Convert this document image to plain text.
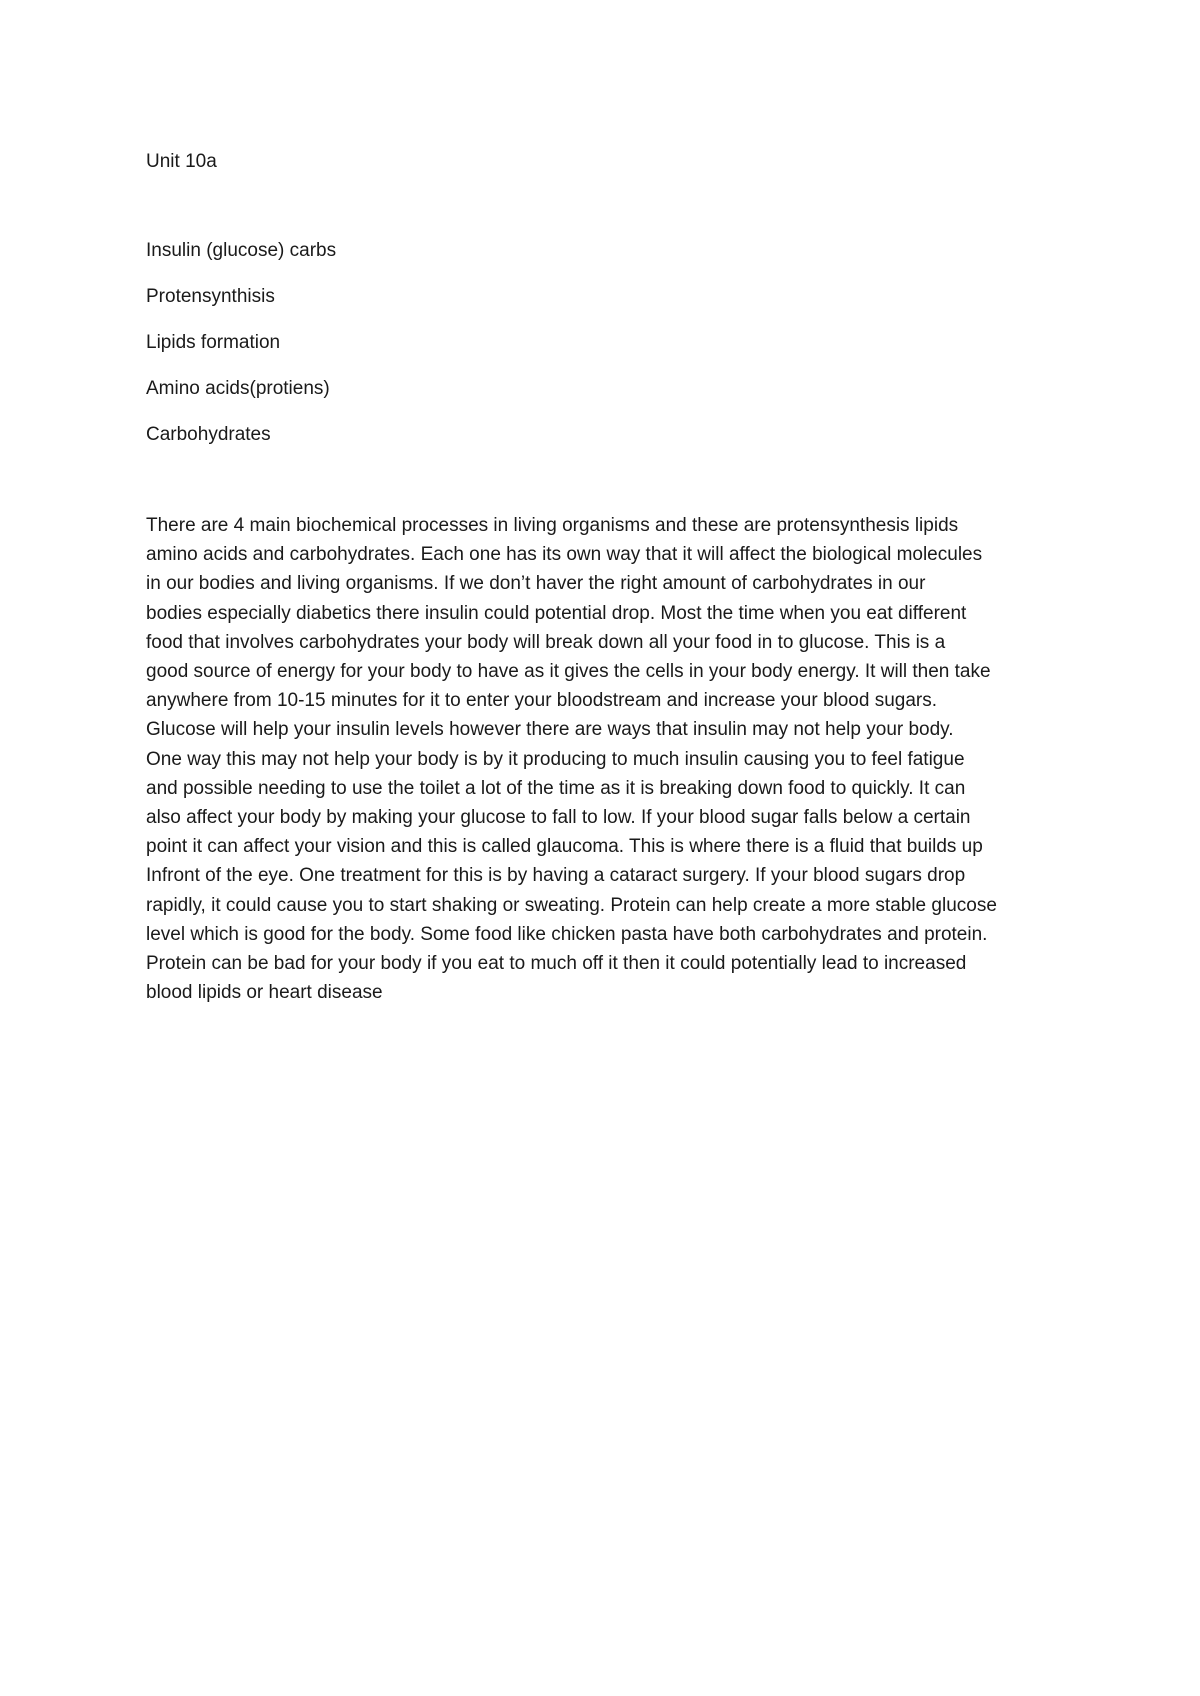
Unit 10a
Insulin (glucose) carbs
Protensynthisis
Lipids formation
Amino acids(protiens)
Carbohydrates

There are 4 main biochemical processes in living organisms and these are protensynthesis lipids
amino acids and carbohydrates. Each one has its own way that it will affect the biological molecules
in our bodies and living organisms. If we don’t haver the right amount of carbohydrates in our
bodies especially diabetics there insulin could potential drop. Most the time when you eat different
food that involves carbohydrates your body will break down all your food in to glucose. This is a
good source of energy for your body to have as it gives the cells in your body energy. It will then take
anywhere from 10-15 minutes for it to enter your bloodstream and increase your blood sugars.
Glucose will help your insulin levels however there are ways that insulin may not help your body.
One way this may not help your body is by it producing to much insulin causing you to feel fatigue
and possible needing to use the toilet a lot of the time as it is breaking down food to quickly. It can
also affect your body by making your glucose to fall to low. If your blood sugar falls below a certain
point it can affect your vision and this is called glaucoma. This is where there is a fluid that builds up
Infront of the eye. One treatment for this is by having a cataract surgery. If your blood sugars drop
rapidly, it could cause you to start shaking or sweating. Protein can help create a more stable glucose
level which is good for the body. Some food like chicken pasta have both carbohydrates and protein.
Protein can be bad for your body if you eat to much off it then it could potentially lead to increased
blood lipids or heart disease
